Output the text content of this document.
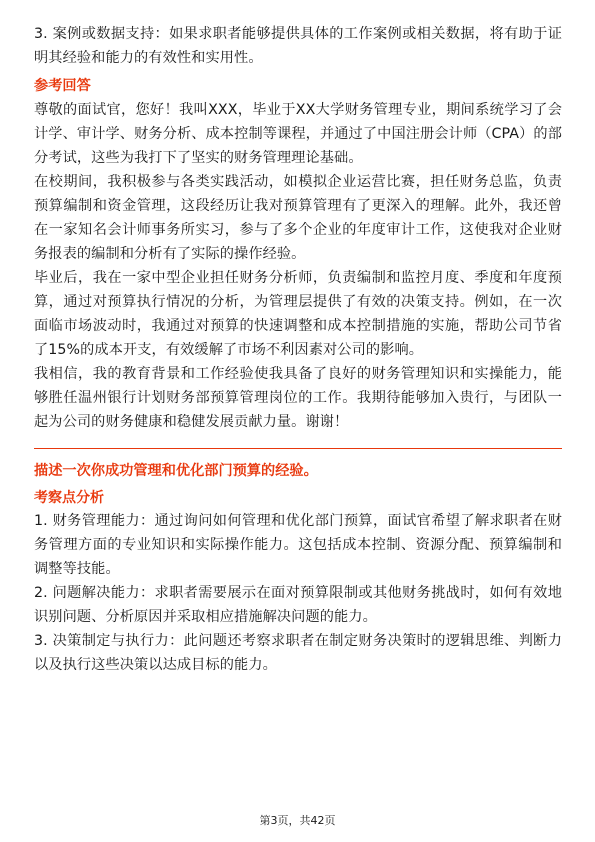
3. 案例或数据支持：如果求职者能够提供具体的工作案例或相关数据，将有助于证明其经验和能力的有效性和实用性。

参考回答

尊敬的面试官，您好！我叫XXX，毕业于XX大学财务管理专业，期间系统学习了会计学、审计学、财务分析、成本控制等课程，并通过了中国注册会计师（CPA）的部分考试，这些为我打下了坚实的财务管理理论基础。

在校期间，我积极参与各类实践活动，如模拟企业运营比赛，担任财务总监，负责预算编制和资金管理，这段经历让我对预算管理有了更深入的理解。此外，我还曾在一家知名会计师事务所实习，参与了多个企业的年度审计工作，这使我对企业财务报表的编制和分析有了实际的操作经验。

毕业后，我在一家中型企业担任财务分析师，负责编制和监控月度、季度和年度预算，通过对预算执行情况的分析，为管理层提供了有效的决策支持。例如，在一次面临市场波动时，我通过对预算的快速调整和成本控制措施的实施，帮助公司节省了15%的成本开支，有效缓解了市场不利因素对公司的影响。

我相信，我的教育背景和工作经验使我具备了良好的财务管理知识和实操能力，能够胜任温州银行计划财务部预算管理岗位的工作。我期待能够加入贵行，与团队一起为公司的财务健康和稳健发展贡献力量。谢谢！

描述一次你成功管理和优化部门预算的经验。
考察点分析

1. 财务管理能力：通过询问如何管理和优化部门预算，面试官希望了解求职者在财务管理方面的专业知识和实际操作能力。这包括成本控制、资源分配、预算编制和调整等技能。

2. 问题解决能力：求职者需要展示在面对预算限制或其他财务挑战时，如何有效地识别问题、分析原因并采取相应措施解决问题的能力。

3. 决策制定与执行力：此问题还考察求职者在制定财务决策时的逻辑思维、判断力以及执行这些决策以达成目标的能力。

第3页，共42页
